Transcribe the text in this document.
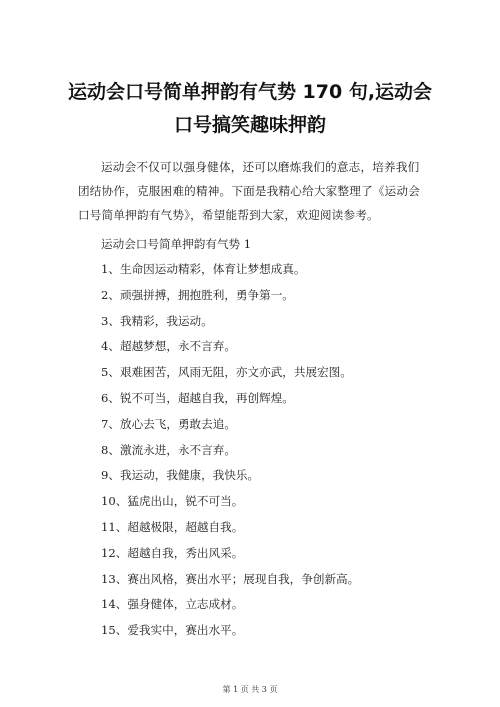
运动会口号简单押韵有气势 170 句,运动会口号搞笑趣味押韵
运动会不仅可以强身健体，还可以磨炼我们的意志，培养我们团结协作，克服困难的精神。下面是我精心给大家整理了《运动会口号简单押韵有气势》，希望能帮到大家，欢迎阅读参考。
运动会口号简单押韵有气势 1
1、生命因运动精彩，体育让梦想成真。
2、顽强拼搏，拥抱胜利，勇争第一。
3、我精彩，我运动。
4、超越梦想，永不言弃。
5、艰难困苦，风雨无阻，亦文亦武，共展宏图。
6、锐不可当，超越自我，再创辉煌。
7、放心去飞，勇敢去追。
8、激流永进，永不言弃。
9、我运动，我健康，我快乐。
10、猛虎出山，锐不可当。
11、超越极限，超越自我。
12、超越自我，秀出风采。
13、赛出风格，赛出水平；展现自我，争创新高。
14、强身健体，立志成材。
15、爱我实中，赛出水平。
第 1 页 共 3 页
